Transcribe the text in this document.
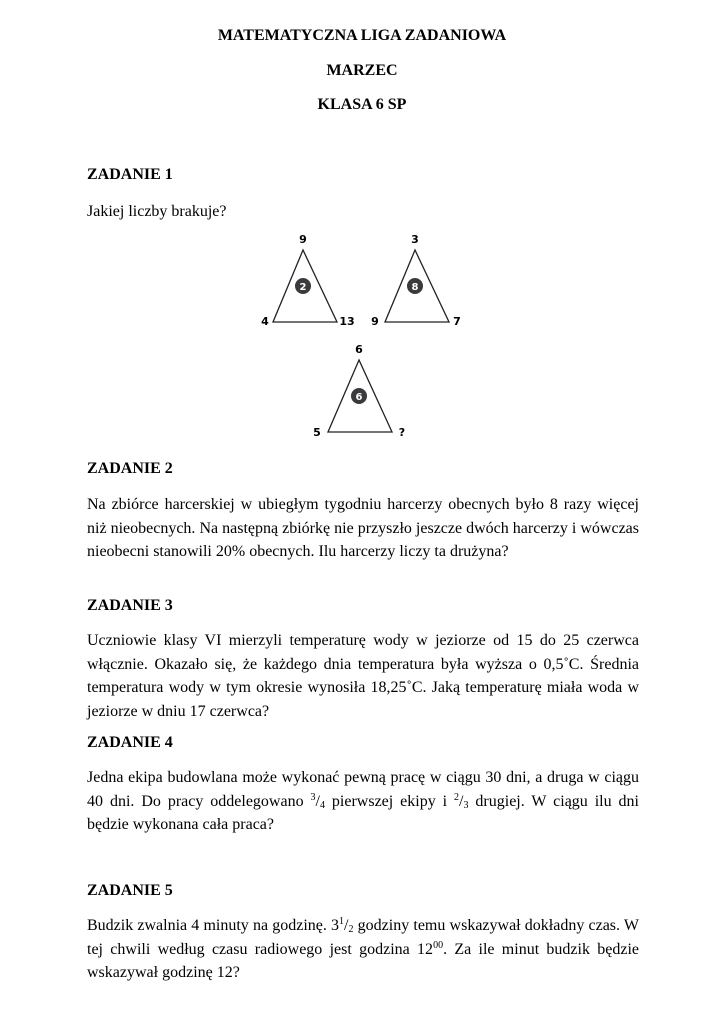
MATEMATYCZNA LIGA ZADANIOWA
MARZEC
KLASA 6 SP
ZADANIE 1
Jakiej liczby brakuje?
9
4	13
2
3
9	7
8
6
5	?
6
ZADANIE 2
Na zbiórce harcerskiej w ubiegłym tygodniu harcerzy obecnych było 8 razy więcej niż nieobecnych. Na następną zbiórkę nie przyszło jeszcze dwóch harcerzy i wówczas nieobecni stanowili 20% obecnych. Ilu harcerzy liczy ta drużyna?
ZADANIE 3
Uczniowie klasy VI mierzyli temperaturę wody w jeziorze od 15 do 25 czerwca włącznie. Okazało się, że każdego dnia temperatura była wyższa o 0,5˚C. Średnia temperatura wody w tym okresie wynosiła 18,25˚C. Jaką temperaturę miała woda w jeziorze w dniu 17 czerwca?
ZADANIE 4
Jedna ekipa budowlana może wykonać pewną pracę w ciągu 30 dni, a druga w ciągu 40 dni. Do pracy oddelegowano $^3/_4$ pierwszej ekipy i $^2/_3$ drugiej. W ciągu ilu dni będzie wykonana cała praca?
ZADANIE 5
Budzik zwalnia 4 minuty na godzinę. $3^1/_2$ godziny temu wskazywał dokładny czas. W tej chwili według czasu radiowego jest godzina $12^{00}$. Za ile minut budzik będzie wskazywał godzinę 12?
